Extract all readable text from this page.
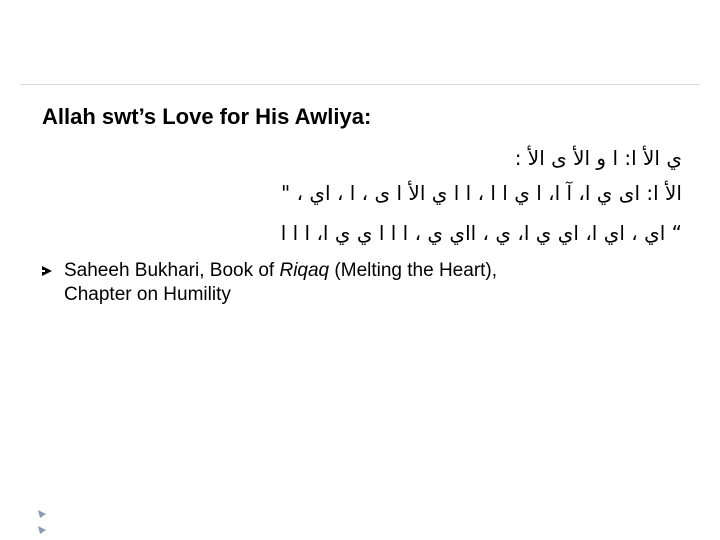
Allah swt’s Love for His Awliya:
ي الأ ا: ا و الأ ى الأ :
الأ ا: اى ي ا، آ ا، ا ي ا ا ، ا ا ي الأ ا ى ، ا ، اي ، "
“ اي ، اي ا، اي ي ا، ي ، ااي ي ، ا ا ا ي ي ا، ا ا ا
Saheeh Bukhari, Book of Riqaq (Melting the Heart),
Chapter on Humility
